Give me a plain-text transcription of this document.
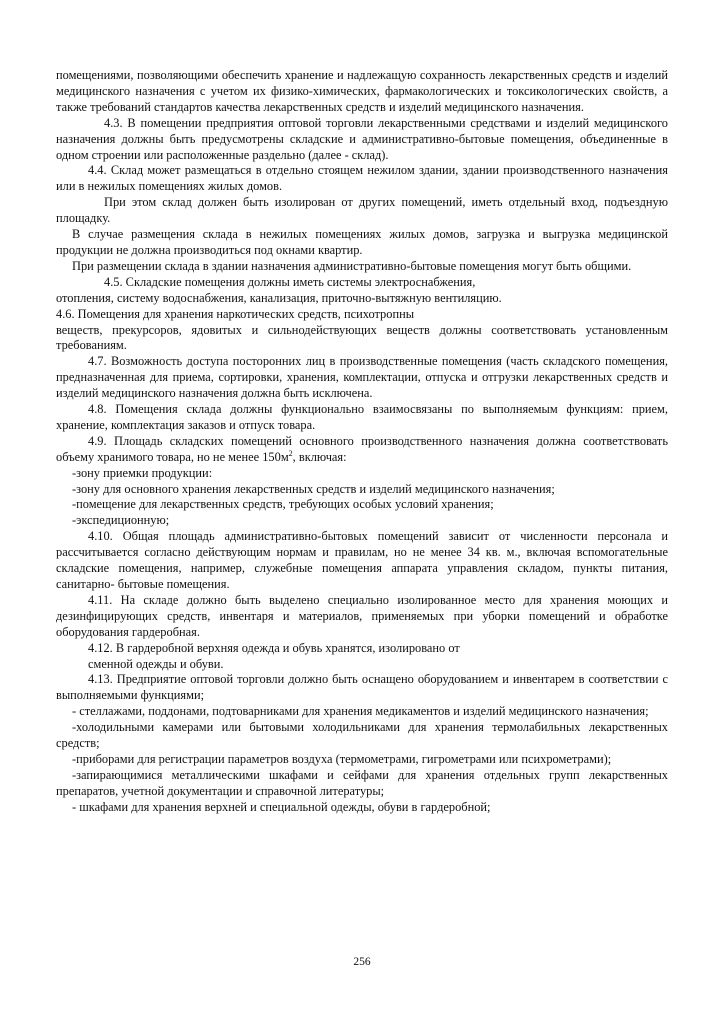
помещениями, позволяющими обеспечить хранение и надлежащую сохранность лекарственных средств и изделий медицинского назначения с учетом их физико-химических, фармакологических и токсикологических свойств, а также требований стандартов качества лекарственных средств и изделий медицинского назначения.

4.3. В помещении предприятия оптовой торговли лекарственными средствами и изделий медицинского назначения должны быть предусмотрены складские и административно-бытовые помещения, объединенные в одном строении или расположенные раздельно (далее - склад).

4.4. Склад может размещаться в отдельно стоящем нежилом здании, здании производственного назначения или в нежилых помещениях жилых домов.

При этом склад должен быть изолирован от других помещений, иметь отдельный вход, подъездную площадку.

В случае размещения склада в нежилых помещениях жилых домов, загрузка и выгрузка медицинской продукции не должна производиться под окнами квартир.

При размещении склада в здании назначения административно-бытовые помещения могут быть общими.

4.5. Складские помещения должны иметь системы электроснабжения,

отопления, систему водоснабжения, канализация, приточно-вытяжную вентиляцию.

4.6. Помещения для хранения наркотических средств, психотропны

веществ, прекурсоров, ядовитых и сильнодействующих веществ должны соответствовать установленным требованиям.

4.7. Возможность доступа посторонних лиц в производственные помещения (часть складского помещения, предназначенная для приема, сортировки, хранения, комплектации, отпуска и отгрузки лекарственных средств и изделий медицинского назначения должна быть исключена.

4.8. Помещения склада должны функционально взаимосвязаны по выполняемым функциям: прием, хранение, комплектация заказов и отпуск товара.

4.9. Площадь складских помещений основного производственного назначения должна соответствовать объему хранимого товара, но не менее $150м^2$, включая:

-зону приемки продукции:

-зону для основного хранения лекарственных средств и изделий медицинского назначения;

-помещение для лекарственных средств, требующих особых условий хранения;

-экспедиционную;

4.10. Общая площадь административно-бытовых помещений зависит от численности персонала и рассчитывается согласно действующим нормам и правилам, но не менее 34 кв. м., включая вспомогательные складские помещения, например, служебные помещения аппарата управления складом, пункты питания, санитарно- бытовые помещения.

4.11. На складе должно быть выделено специально изолированное место для хранения моющих и дезинфицирующих средств, инвентаря и материалов, применяемых при уборки помещений и обработке оборудования гардеробная.

4.12. В гардеробной верхняя одежда и обувь хранятся, изолировано от

сменной одежды и обуви.

4.13. Предприятие оптовой торговли должно быть оснащено оборудованием и инвентарем в соответствии с выполняемыми функциями;

- стеллажами, поддонами, подтоварниками для хранения медикаментов и изделий медицинского назначения;

-холодильными камерами или бытовыми холодильниками для хранения термолабильных лекарственных средств;

-приборами для регистрации параметров воздуха (термометрами, гигрометрами или психрометрами);

-запирающимися металлическими шкафами и сейфами для хранения отдельных групп лекарственных препаратов, учетной документации и справочной литературы;

- шкафами для хранения верхней и специальной одежды, обуви в гардеробной;

256
